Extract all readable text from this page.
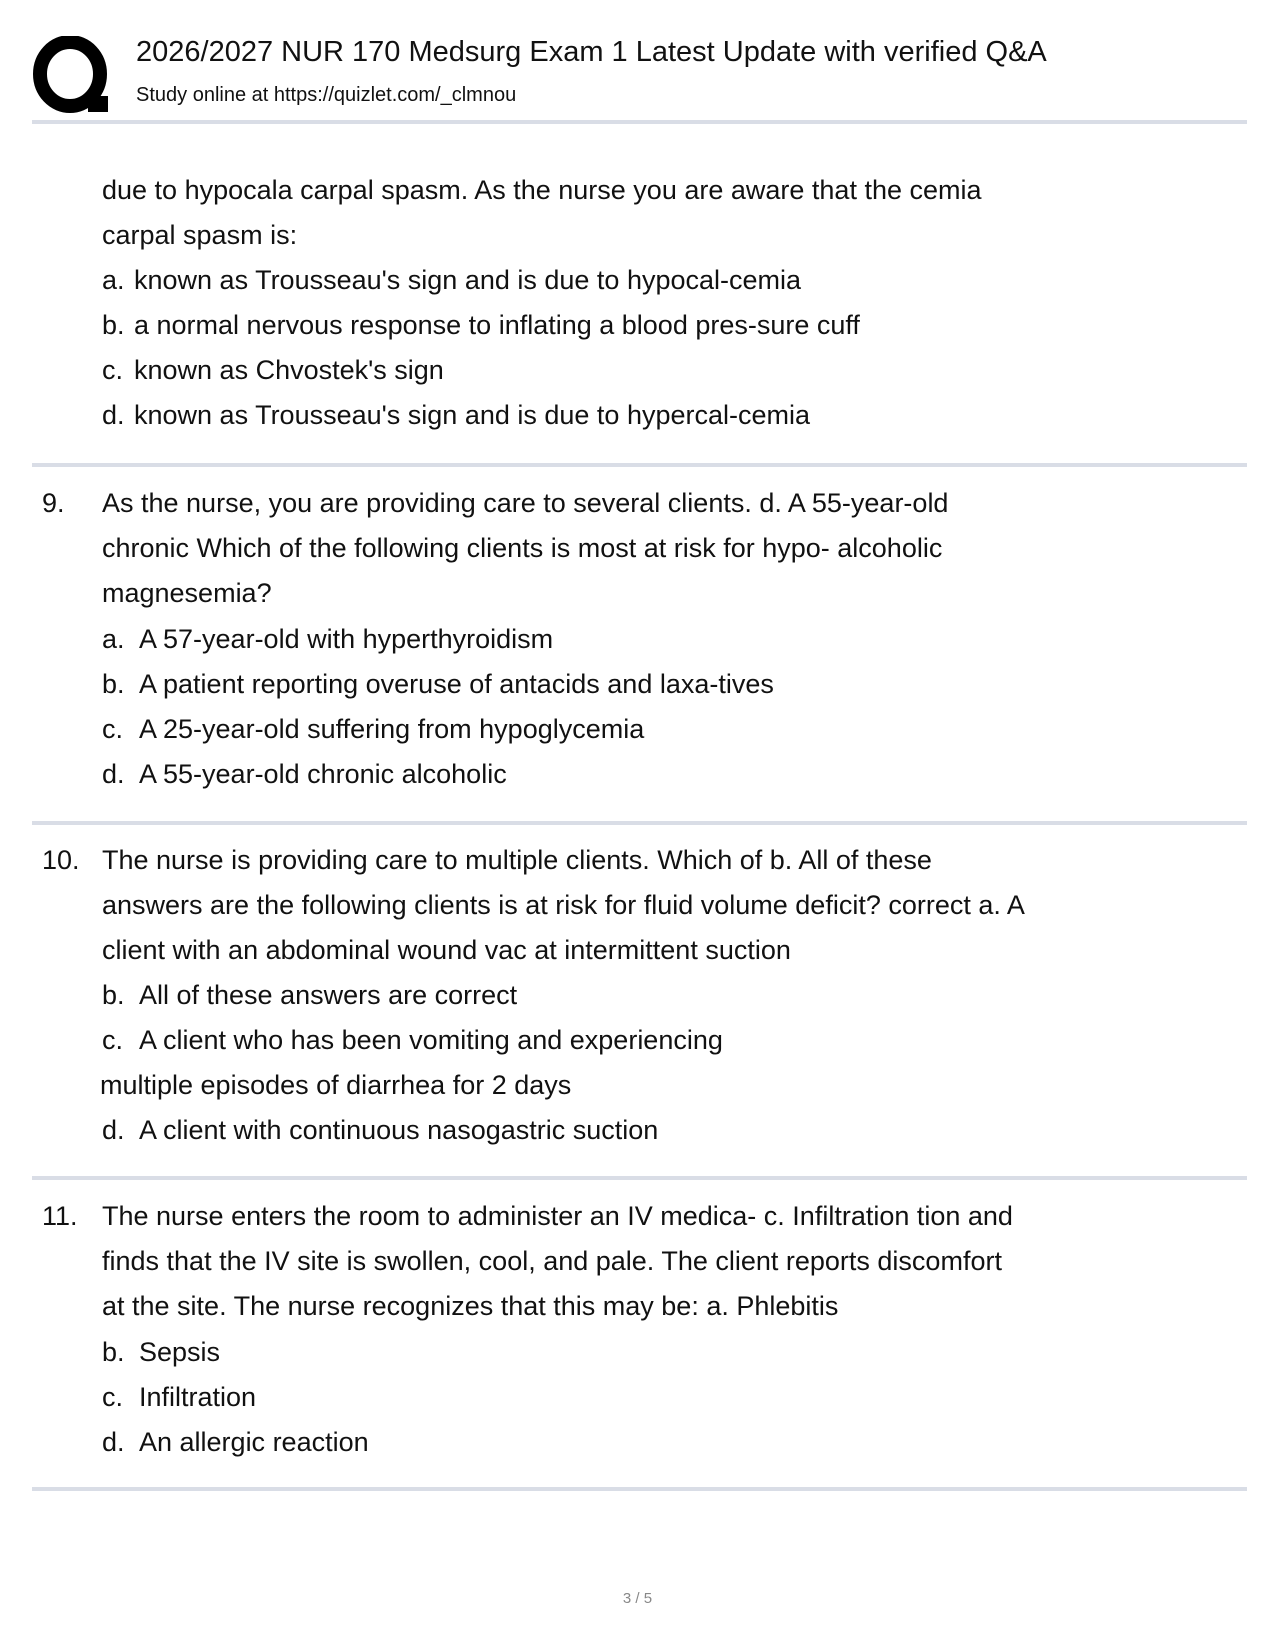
2026/2027 NUR 170 Medsurg Exam 1 Latest Update with verified Q&A
Study online at https://quizlet.com/_clmnou
due to hypocala carpal spasm. As the nurse you are aware that the cemia
carpal spasm is:
a. known as Trousseau's sign and is due to hypocal-cemia
b. a normal nervous response to inflating a blood pres-sure cuff
c. known as Chvostek's sign
d. known as Trousseau's sign and is due to hypercal-cemia
9. As the nurse, you are providing care to several clients. d. A 55-year-old
chronic Which of the following clients is most at risk for hypo- alcoholic
magnesemia?
a. A 57-year-old with hyperthyroidism
b. A patient reporting overuse of antacids and laxa-tives
c. A 25-year-old suffering from hypoglycemia
d. A 55-year-old chronic alcoholic
10. The nurse is providing care to multiple clients. Which of b. All of these
answers are the following clients is at risk for fluid volume deficit? correct a. A
client with an abdominal wound vac at intermittent suction
b. All of these answers are correct
c. A client who has been vomiting and experiencing
multiple episodes of diarrhea for 2 days
d. A client with continuous nasogastric suction
11. The nurse enters the room to administer an IV medica- c. Infiltration tion and
finds that the IV site is swollen, cool, and pale. The client reports discomfort
at the site. The nurse recognizes that this may be: a. Phlebitis
b. Sepsis
c. Infiltration
d. An allergic reaction
3 / 5
